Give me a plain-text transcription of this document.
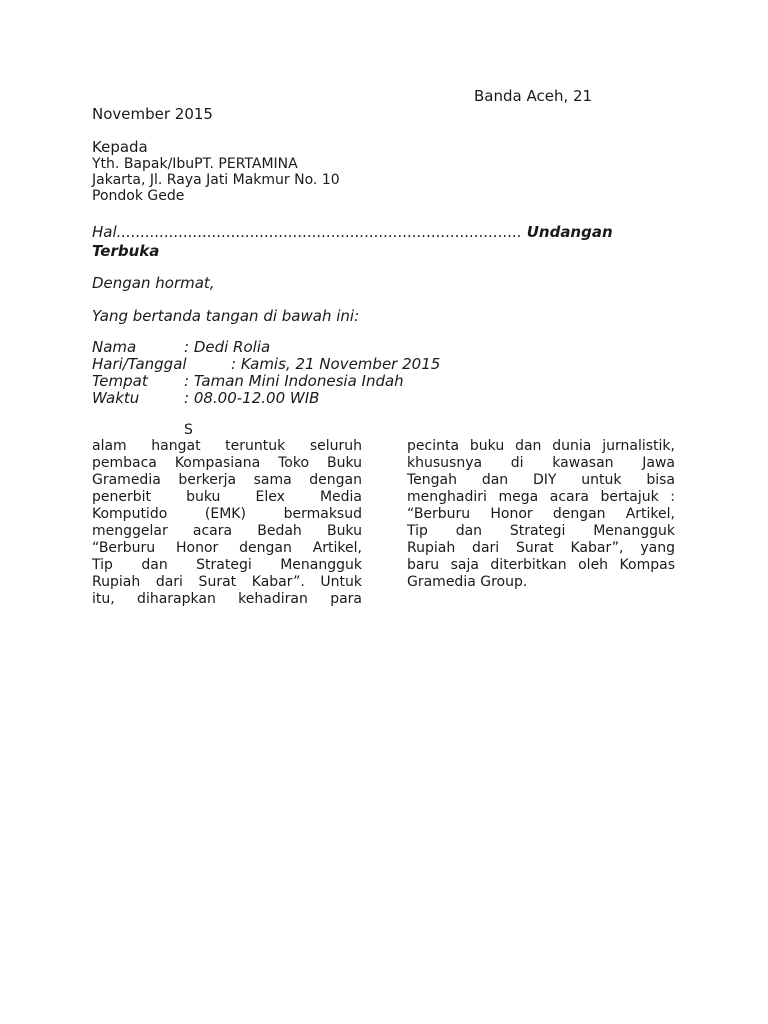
Banda Aceh, 21
November 2015
Kepada
Yth. Bapak/IbuPT. PERTAMINA
Jakarta, Jl. Raya Jati Makmur No. 10
Pondok Gede
Hal..................................................................................... Undangan
Terbuka
Dengan hormat,
Yang bertanda tangan di bawah ini:
Nama	: Dedi Rolia
Hari/Tanggal	: Kamis, 21 November 2015
Tempat : Taman Mini Indonesia Indah
Waktu	: 08.00-12.00 WIB
S
alam hangat teruntuk seluruh
pembaca Kompasiana Toko Buku
Gramedia berkerja sama dengan
penerbit buku Elex Media
Komputido (EMK) bermaksud
menggelar acara Bedah Buku
“Berburu Honor dengan Artikel,
Tip dan Strategi Menangguk
Rupiah dari Surat Kabar”. Untuk
itu, diharapkan kehadiran para
pecinta buku dan dunia jurnalistik,
khususnya di kawasan Jawa
Tengah dan DIY untuk bisa
menghadiri mega acara bertajuk :
“Berburu Honor dengan Artikel,
Tip dan Strategi Menangguk
Rupiah dari Surat Kabar”, yang
baru saja diterbitkan oleh Kompas
Gramedia Group.
